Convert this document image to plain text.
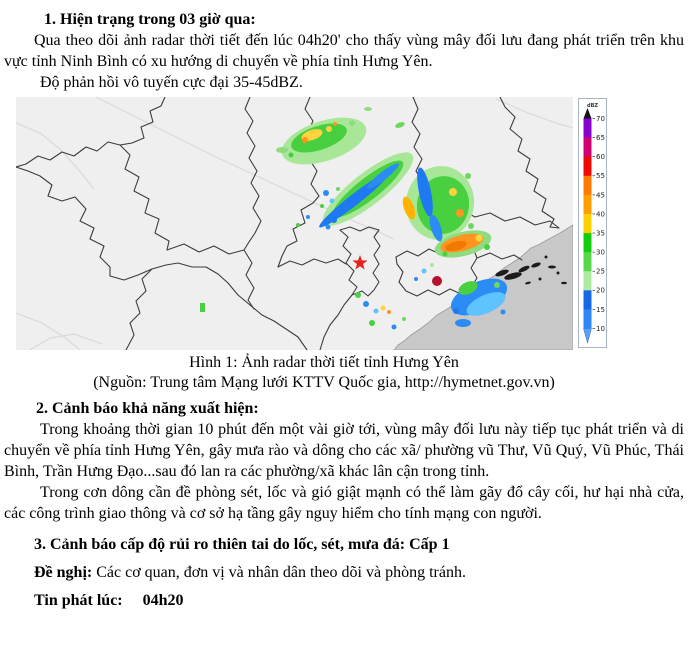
1. Hiện trạng trong 03 giờ qua:

Qua theo dõi ảnh radar thời tiết đến lúc 04h20' cho thấy vùng mây đối lưu đang phát triển trên khu vực tỉnh Ninh Bình có xu hướng di chuyển về phía tỉnh Hưng Yên.

Độ phản hồi vô tuyến cực đại 35-45dBZ.

dBZ
70
65
60
55
45
40
35
30
25
20
15
10
Hình 1: Ảnh radar thời tiết tỉnh Hưng Yên
(Nguồn: Trung tâm Mạng lưới KTTV Quốc gia, http://hymetnet.gov.vn)
2. Cảnh báo khả năng xuất hiện:

Trong khoảng thời gian 10 phút đến một vài giờ tới, vùng mây đối lưu này tiếp tục phát triển và di chuyển về phía tỉnh Hưng Yên, gây mưa rào và dông cho các xã/ phường vũ Thư, Vũ Quý, Vũ Phúc, Thái Bình, Trần Hưng Đạo...sau đó lan ra các phường/xã khác lân cận trong tỉnh.

Trong cơn dông cần đề phòng sét, lốc và gió giật mạnh có thể làm gãy đổ cây cối, hư hại nhà cửa, các công trình giao thông và cơ sở hạ tầng gây nguy hiểm cho tính mạng con người.

3. Cảnh báo cấp độ rủi ro thiên tai do lốc, sét, mưa đá: Cấp 1
Đề nghị: Các cơ quan, đơn vị và nhân dân theo dõi và phòng tránh.
Tin phát lúc: 04h20
